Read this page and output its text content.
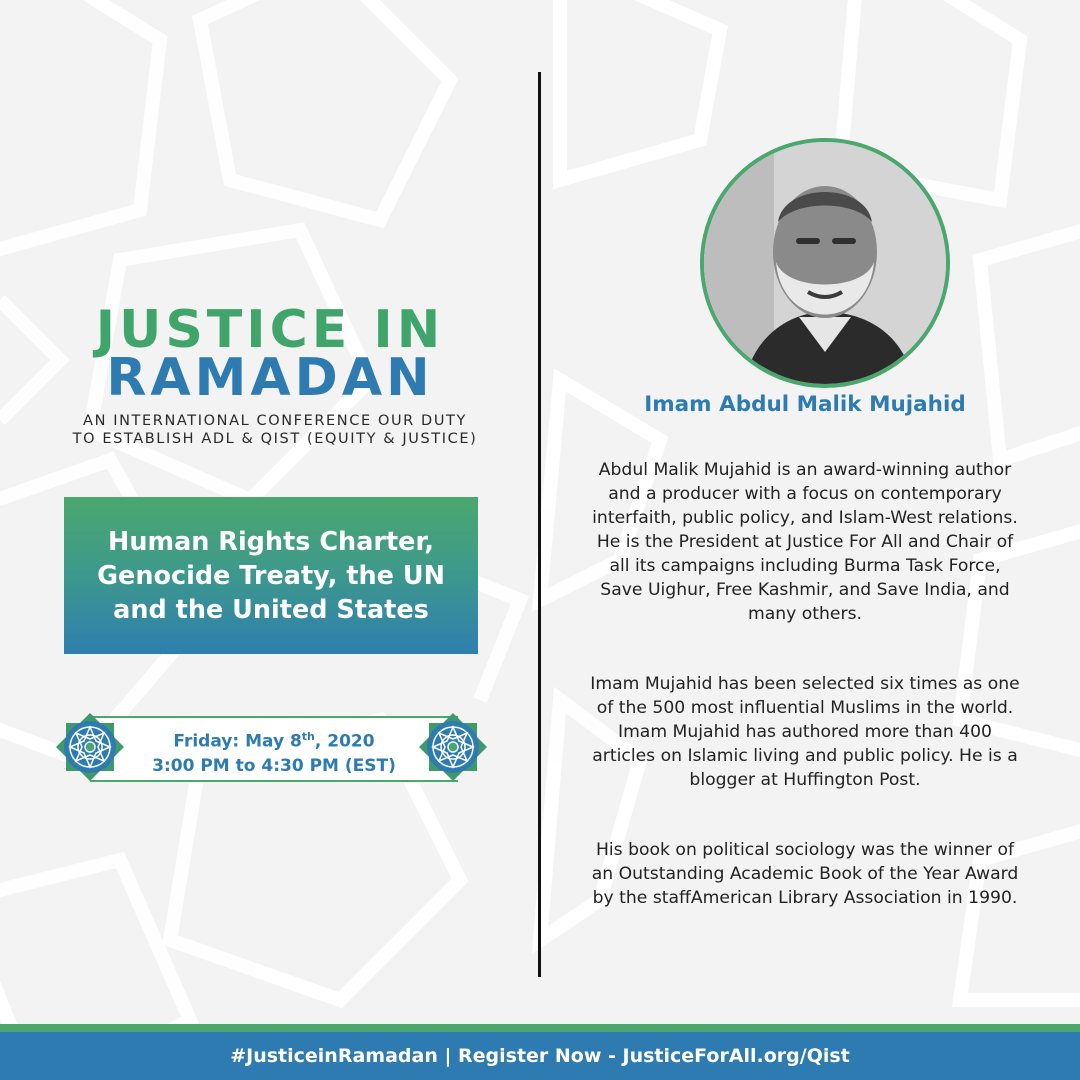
JUSTICE IN
RAMADAN
AN INTERNATIONAL CONFERENCE OUR DUTY
TO ESTABLISH ADL & QIST (EQUITY & JUSTICE)
Human Rights Charter,
Genocide Treaty, the UN
and the United States
Friday: May 8th, 2020
3:00 PM to 4:30 PM (EST)
Imam Abdul Malik Mujahid

Abdul Malik Mujahid is an award-winning author and a producer with a focus on contemporary interfaith, public policy, and Islam-West relations. He is the President at Justice For All and Chair of all its campaigns including Burma Task Force, Save Uighur, Free Kashmir, and Save India, and many others.

Imam Mujahid has been selected six times as one of the 500 most influential Muslims in the world. Imam Mujahid has authored more than 400 articles on Islamic living and public policy. He is a blogger at Huffington Post.

His book on political sociology was the winner of an Outstanding Academic Book of the Year Award by the staffAmerican Library Association in 1990.

#JusticeinRamadan | Register Now - JusticeForAll.org/Qist
